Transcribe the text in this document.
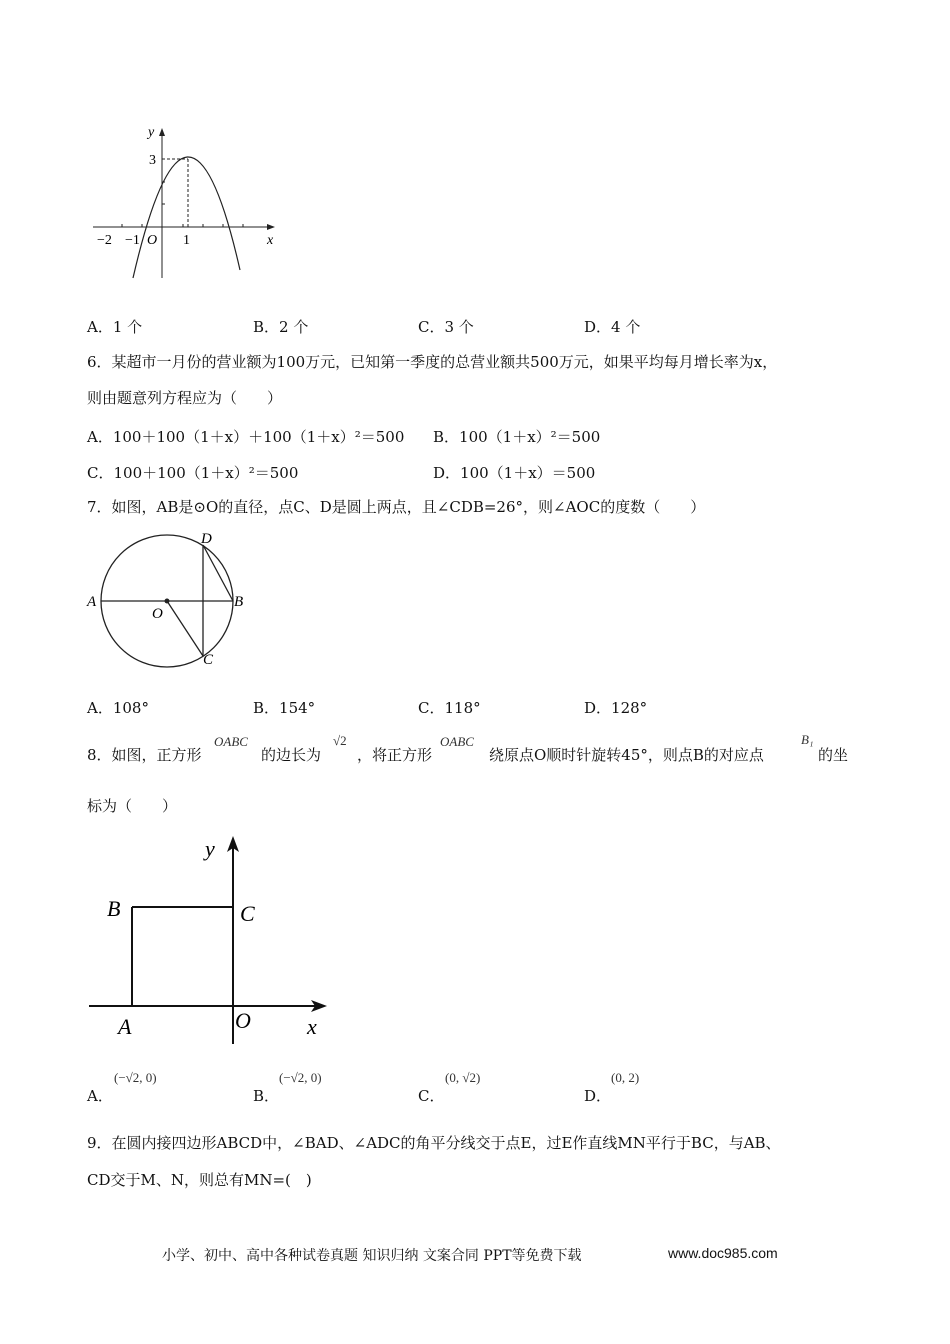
y
x
3
−2 −1 O 1
A．1 个	B．2 个	C．3 个	D．4 个
6．某超市一月份的营业额为100万元，已知第一季度的总营业额共500万元，如果平均每月增长率为x，
则由题意列方程应为（　　）
A．100＋100（1＋x）＋100（1＋x）²＝500 B．100（1＋x）²＝500
C．100＋100（1＋x）²＝500	D．100（1＋x）＝500
7．如图，AB是⊙O的直径，点C、D是圆上两点，且∠CDB=26°，则∠AOC的度数（　　）
A	B
C
D
O
A．108°	B．154°	C．118°	D．128°
8．如图，正方形
OABC
的边长为
√2
，将正方形
OABC
绕原点O顺时针旋转45°，则点B的对应点
B₁
的坐
标为（　　）
y
B	C
A	O	x
A．
(−√2, 0)
B．
(−√2, 0)
C．
(0, √2)
D．
(0, 2)
9．在圆内接四边形ABCD中，∠BAD、∠ADC的角平分线交于点E，过E作直线MN平行于BC，与AB、
CD交于M、N，则总有MN=(　)
小学、初中、高中各种试卷真题 知识归纳 文案合同 PPT等免费下载	www.doc985.com
